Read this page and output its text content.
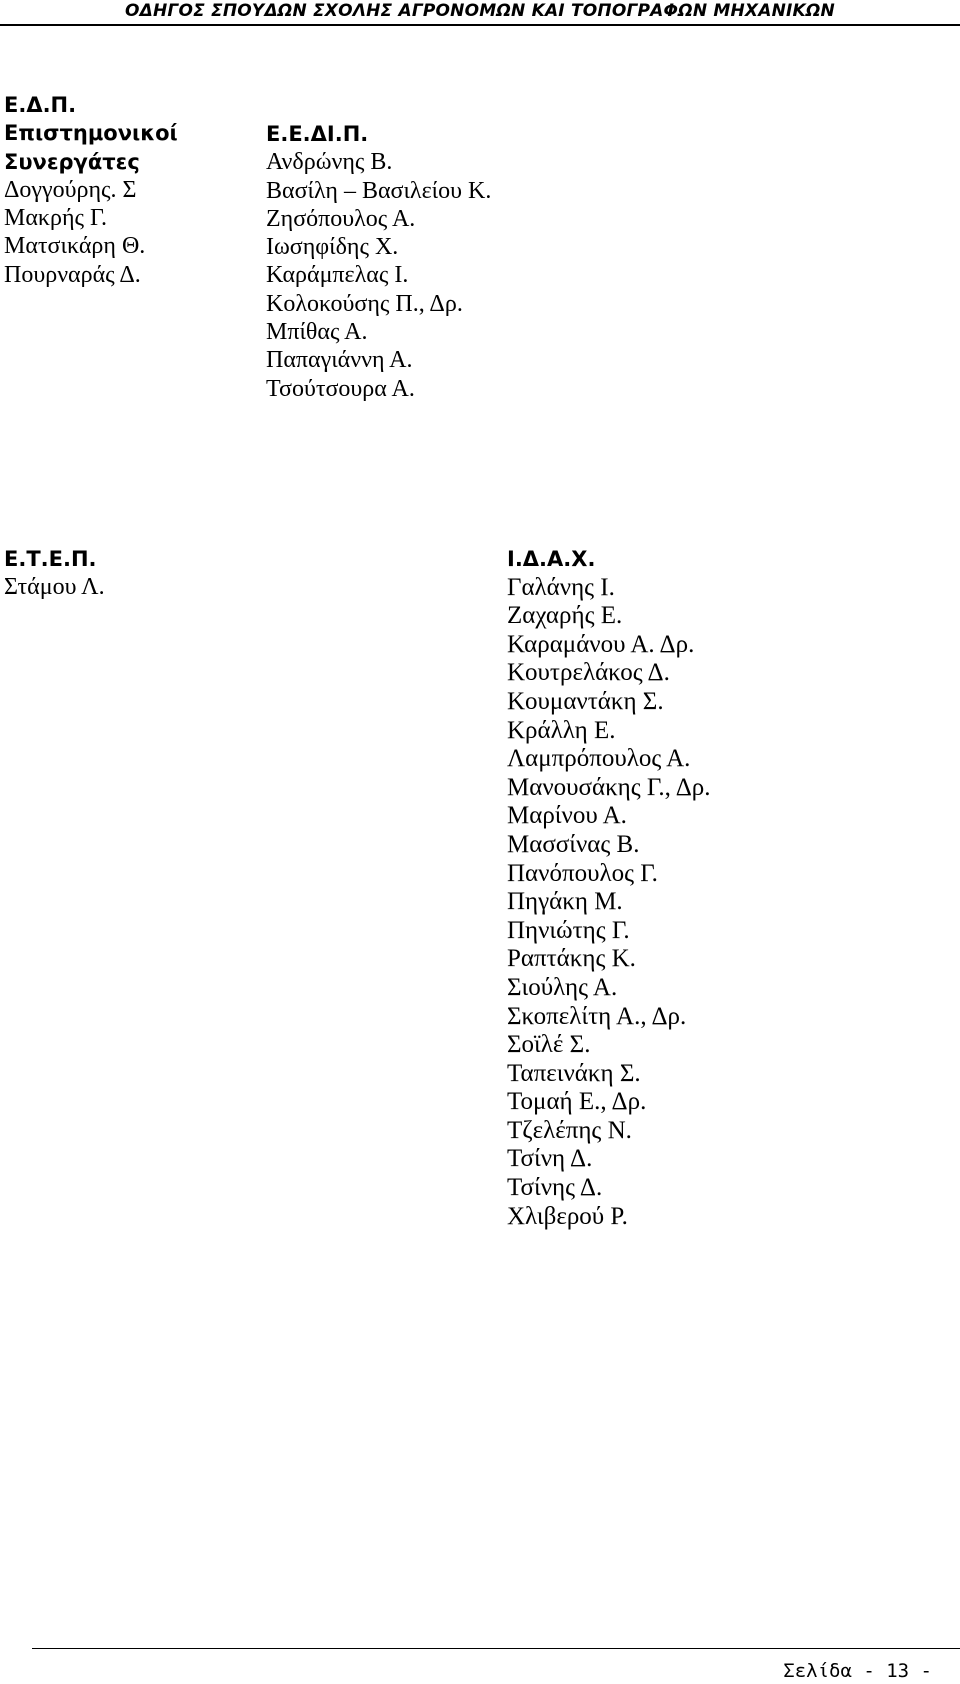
ΟΔΗΓΟΣ ΣΠΟΥΔΩΝ ΣΧΟΛΗΣ ΑΓΡΟΝΟΜΩΝ ΚΑΙ ΤΟΠΟΓΡΑΦΩΝ ΜΗΧΑΝΙΚΩΝ
Ε.Δ.Π.
Επιστημονικοί
Συνεργάτες
Δογγούρης. Σ
Μακρής Γ.
Ματσικάρη Θ.
Πουρναράς Δ.
Ε.Ε.ΔΙ.Π.
Ανδρώνης Β.
Βασίλη – Βασιλείου Κ.
Ζησόπουλος Α.
Ιωσηφίδης Χ.
Καράμπελας Ι.
Κολοκούσης Π., Δρ.
Μπίθας Α.
Παπαγιάννη Α.
Τσούτσουρα Α.
Ε.Τ.Ε.Π.
Στάμου Λ.
Ι.Δ.Α.Χ.
Γαλάνης Ι.
Ζαχαρής Ε.
Καραμάνου Α. Δρ.
Κουτρελάκος Δ.
Κουμαντάκη Σ.
Κράλλη Ε.
Λαμπρόπουλος Α.
Μανουσάκης Γ., Δρ.
Μαρίνου Α.
Μασσίνας Β.
Πανόπουλος Γ.
Πηγάκη Μ.
Πηνιώτης Γ.
Ραπτάκης Κ.
Σιούλης Α.
Σκοπελίτη Α., Δρ.
Σοϊλέ Σ.
Ταπεινάκη Σ.
Τομαή Ε., Δρ.
Τζελέπης Ν.
Τσίνη Δ.
Τσίνης Δ.
Χλιβερού Ρ.
Σελίδα - 13 -
